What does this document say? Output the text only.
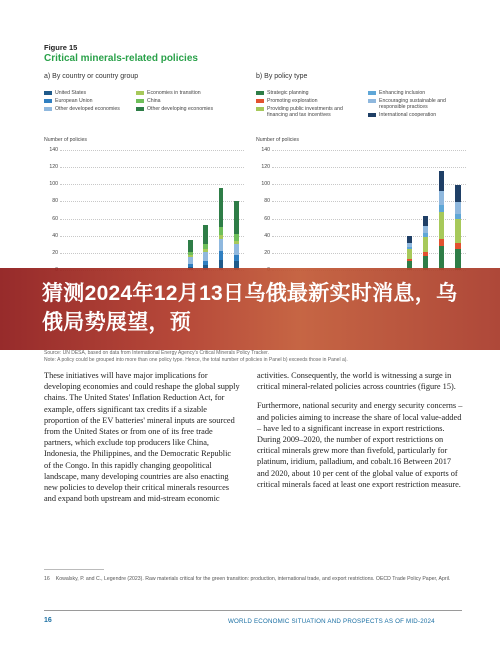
Figure 15
Critical minerals-related policies
a) By country or country group
United States
European Union
Other developed economies
Economies in transition
China
Other developing economies
Number of policies
b) By policy type
Strategic planning
Promoting exploration
Providing public investments and financing and tax incentives
Enhancing inclusion
Encouraging sustainable and responsible practices
International cooperation
Number of policies
20
40
60
80
100
120
140
20
40
60
80
100
120
140
猜测2024年12月13日乌俄最新实时消息，乌俄局势展望，预
Source: UN DESA, based on data from International Energy Agency's Critical Minerals Policy Tracker.
Note: A policy could be grouped into more than one policy type. Hence, the total number of policies in Panel b) exceeds those in Panel a).

These initiatives will have major implications for developing economies and could reshape the global supply chains. The United States' Inflation Reduction Act, for example, offers significant tax credits if a sizable proportion of the EV batteries' mineral inputs are sourced from the United States or from one of its free trade partners, which exclude top producers like China, Indonesia, the Philippines, and the Democratic Republic of the Congo. In this rapidly changing geopolitical landscape, many developing countries are also enacting new policies to develop their critical minerals resources and expand both upstream and mid-stream economic

activities. Consequently, the world is witnessing a surge in critical mineral-related policies across countries (figure 15).

Furthermore, national security and energy security concerns – and policies aiming to increase the share of local value-added – have led to a significant increase in export restrictions. During 2009–2020, the number of export restrictions on critical minerals grew more than fivefold, particularly for platinum, iridium, palladium, and cobalt.16 Between 2017 and 2020, about 10 per cent of the global value of exports of critical minerals faced at least one export restriction measure.

16 Kowalsky, P. and C., Legendre (2023). Raw materials critical for the green transition: production, international trade, and export restrictions. OECD Trade Policy Paper, April.
16	WORLD ECONOMIC SITUATION AND PROSPECTS AS OF MID-2024
